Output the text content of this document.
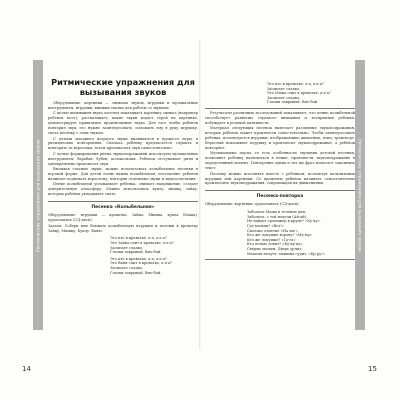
Ритмические упражнения для вызывания звуков	Ритмические упражнения для вызывания звуков
Ритмические упражнения для вызывания звуков

Оборудование: картинки — символы звуков, игрушки и музыкальные инструменты, игрушки, книжки-сказки для работы со звуками.

С целью вызывания звука логопед показывает картинку символ (например ребенок поет), рассказывает, какие звуки издает герой на картинке, демонстрирует правильное произношение звука. Для того чтобы ребенок повторил звук, его нужно заинтересовать, положить ему в руку игрушку, спеть песенку с этим звуком.

С детьми младшего возраста звуки вызываются в процессе игры, в ритмических повторениях. Сначала ребенку предлагается слушать и повторять за взрослым, затем произносить звук самостоятельно.

С целью формирования ритма звукоподражаний используем музыкальные инструменты: барабан, бубен, колокольчик. Ребенок отстукивает ритм и одновременно произносит звук.

Вызывая гласные звуки, можно использовать колыбельные песенки в игровой форме. Для детей очень важна колыбельная, постепенно ребенок начинает подпевать взрослому, повторяя отдельные звуки и звукосочетания.

Пение колыбельной успокаивает ребенка, снимает напряжение, создает доверительную атмосферу. Можно использовать куклу, мишку, зайку, которых ребенок укладывает спать.

Песенка «Колыбельная»

Оборудование: игрушки — кроватка, Зайка, Мишка, кукла (Маша), аудиозапись (СД-диск).

Задача: Собери мне баюкать колыбельную игрушки и положи в кроватку Зайку, Мишку, Куклу, Ваню.

Это кто в кроватке, а-а, а-а-а?
Это Зайка спит в кроватке, а-а-а?
Засыпает сладко,
Глазки закрывай, баю-бай.
Это кто в кроватке, а-а, а-а-а?
Это Ваня спит в кроватке, а-а-а?
Засыпает сладко,
Глазки закрывай, баю-бай.
Это кто в кроватке, а-а, а-а-а?
Засыпает сладко,
Это Маша спит в кроватке, а-а-а?
Засыпает сладко,
Глазки закрывай, баю-бай.

Результаты различных исследований показывают, что пение колыбельной способствует развитию слухового внимания и восприятия ребенка, побуждает к речевой активности.

Материал следующих песенок включает различные звукоподражания, которые ребенок может произнести самостоятельно. Чтобы заинтересовать ребенка, используются игрушки, изображающие животных, птиц, транспорт. Взрослый показывает игрушку и произносит звукоподражание, а ребенок повторяет.

Музыкальные паузы, то есть особенности звучания детской песенки, позволяют ребенку включиться в пение, произнести звукоподражание в определенный момент. Повторение одних и тех же фраз помогает запомнить текст.

Песенку можно исполнять вместе с ребенком, используя пальчиковые игрушки или картинки. Со временем ребенок начинает самостоятельно произносить звукоподражания, сопровождая их движениями.

Песенка-повторка

Оборудование: картинки, аудиозапись (СД-диск).

Заболела Маша в течение дня,
Заболела, с той недели (Ай-ай),
Не найдет тренажер в крупе? «Ку-ку».
Где малыш? «Вот!»
Сколько отметке «На лы!»
Кто же лопушке ворону? «Му-му»
Кто же лопушке? «Га-га»
Кто ночью ловит? «Ку-ку-ку»
Сверхи эхолим, Дверь урчит,
Мамочк ночует, машина судит: «Бр-ру!»
14	15
